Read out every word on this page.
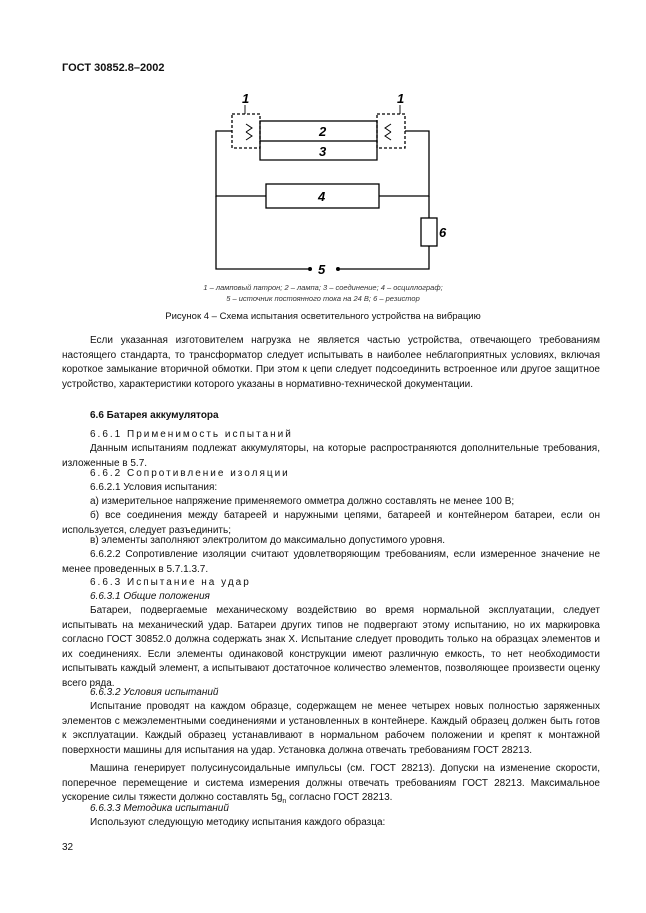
ГОСТ 30852.8–2002
1	1
2
3
4
6
5
1 – ламповый патрон; 2 – лампа; 3 – соединение; 4 – осциллограф;
5 – источник постоянного тока на 24 В; 6 – резистор
Рисунок 4 – Схема испытания осветительного устройства на вибрацию
Если указанная изготовителем нагрузка не является частью устройства, отвечающего требованиям настоящего стандарта, то трансформатор следует испытывать в наиболее неблагоприятных условиях, включая короткое замыкание вторичной обмотки. При этом к цепи следует подсоединить встроенное или другое защитное устройство, характеристики которого указаны в нормативно-технической документации.
6.6 Батарея аккумулятора
6.6.1 Применимость испытаний
Данным испытаниям подлежат аккумуляторы, на которые распространяются дополнительные требования, изложенные в 5.7.
6.6.2 Сопротивление изоляции
6.6.2.1 Условия испытания:
а) измерительное напряжение применяемого омметра должно составлять не менее 100 В;
б) все соединения между батареей и наружными цепями, батареей и контейнером батареи, если он используется, следует разъединить;
в) элементы заполняют электролитом до максимально допустимого уровня.
6.6.2.2 Сопротивление изоляции считают удовлетворяющим требованиям, если измеренное значение не менее проведенных в 5.7.1.3.7.
6.6.3 Испытание на удар
6.6.3.1 Общие положения
Батареи, подвергаемые механическому воздействию во время нормальной эксплуатации, следует испытывать на механический удар. Батареи других типов не подвергают этому испытанию, но их маркировка согласно ГОСТ 30852.0 должна содержать знак X. Испытание следует проводить только на образцах элементов и их соединениях. Если элементы одинаковой конструкции имеют различную емкость, то нет необходимости испытывать каждый элемент, а испытывают достаточное количество элементов, позволяющее произвести оценку всего ряда.
6.6.3.2 Условия испытаний
Испытание проводят на каждом образце, содержащем не менее четырех новых полностью заряженных элементов с межэлементными соединениями и установленных в контейнере. Каждый образец должен быть готов к эксплуатации. Каждый образец устанавливают в нормальном рабочем положении и крепят к монтажной поверхности машины для испытания на удар. Установка должна отвечать требованиям ГОСТ 28213.
Машина генерирует полусинусоидальные импульсы (см. ГОСТ 28213). Допуски на изменение скорости, поперечное перемещение и система измерения должны отвечать требованиям ГОСТ 28213. Максимальное ускорение силы тяжести должно составлять $5g_n$ согласно ГОСТ 28213.
6.6.3.3 Методика испытаний
Используют следующую методику испытания каждого образца:
32
